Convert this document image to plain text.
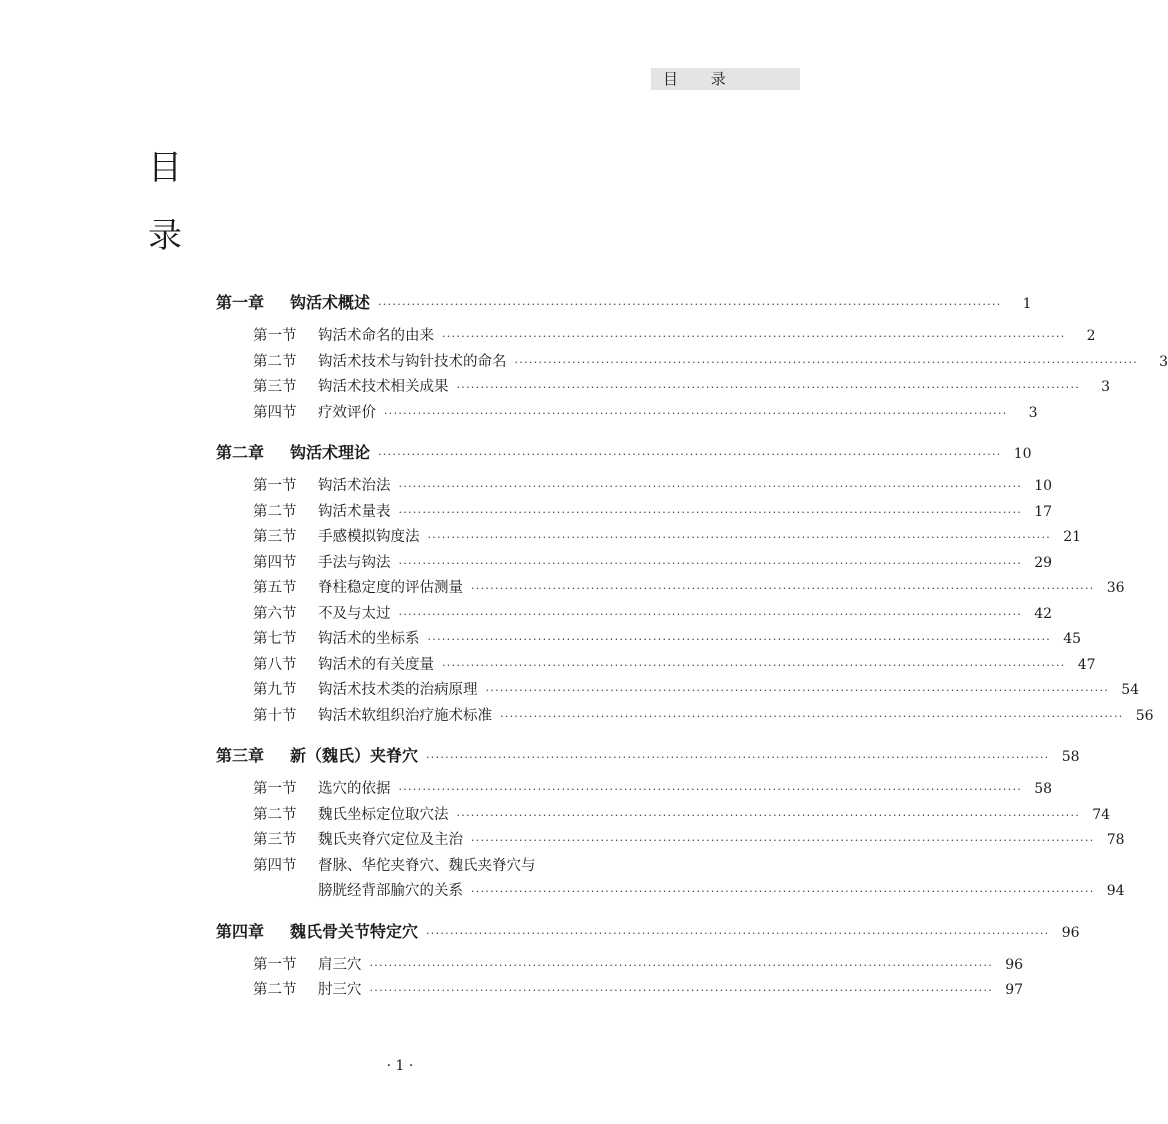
目 录
目
录
第一章	钩活术概述 ··································································································································	1
第一节	钩活术命名的由来 ··································································································································	2
第二节	钩活术技术与钩针技术的命名 ··································································································································	3
第三节	钩活术技术相关成果 ··································································································································	3
第四节	疗效评价 ··································································································································	3
第二章	钩活术理论 ·································································································································· 10
第一节	钩活术治法 ·································································································································· 10
第二节	钩活术量表 ·································································································································· 17
第三节	手感模拟钩度法 ·································································································································· 21
第四节	手法与钩法 ·································································································································· 29
第五节	脊柱稳定度的评估测量 ·································································································································· 36
第六节	不及与太过 ·································································································································· 42
第七节	钩活术的坐标系 ·································································································································· 45
第八节	钩活术的有关度量 ·································································································································· 47
第九节	钩活术技术类的治病原理 ·································································································································· 54
第十节	钩活术软组织治疗施术标准 ·································································································································· 56
第三章	新（魏氏）夹脊穴 ·································································································································· 58
第一节	选穴的依据 ·································································································································· 58
第二节	魏氏坐标定位取穴法 ·································································································································· 74
第三节	魏氏夹脊穴定位及主治 ·································································································································· 78
第四节	督脉、华佗夹脊穴、魏氏夹脊穴与
膀胱经背部腧穴的关系 ·································································································································· 94
第四章	魏氏骨关节特定穴 ·································································································································· 96
第一节	肩三穴 ·································································································································· 96
第二节	肘三穴 ·································································································································· 97
· 1 ·
